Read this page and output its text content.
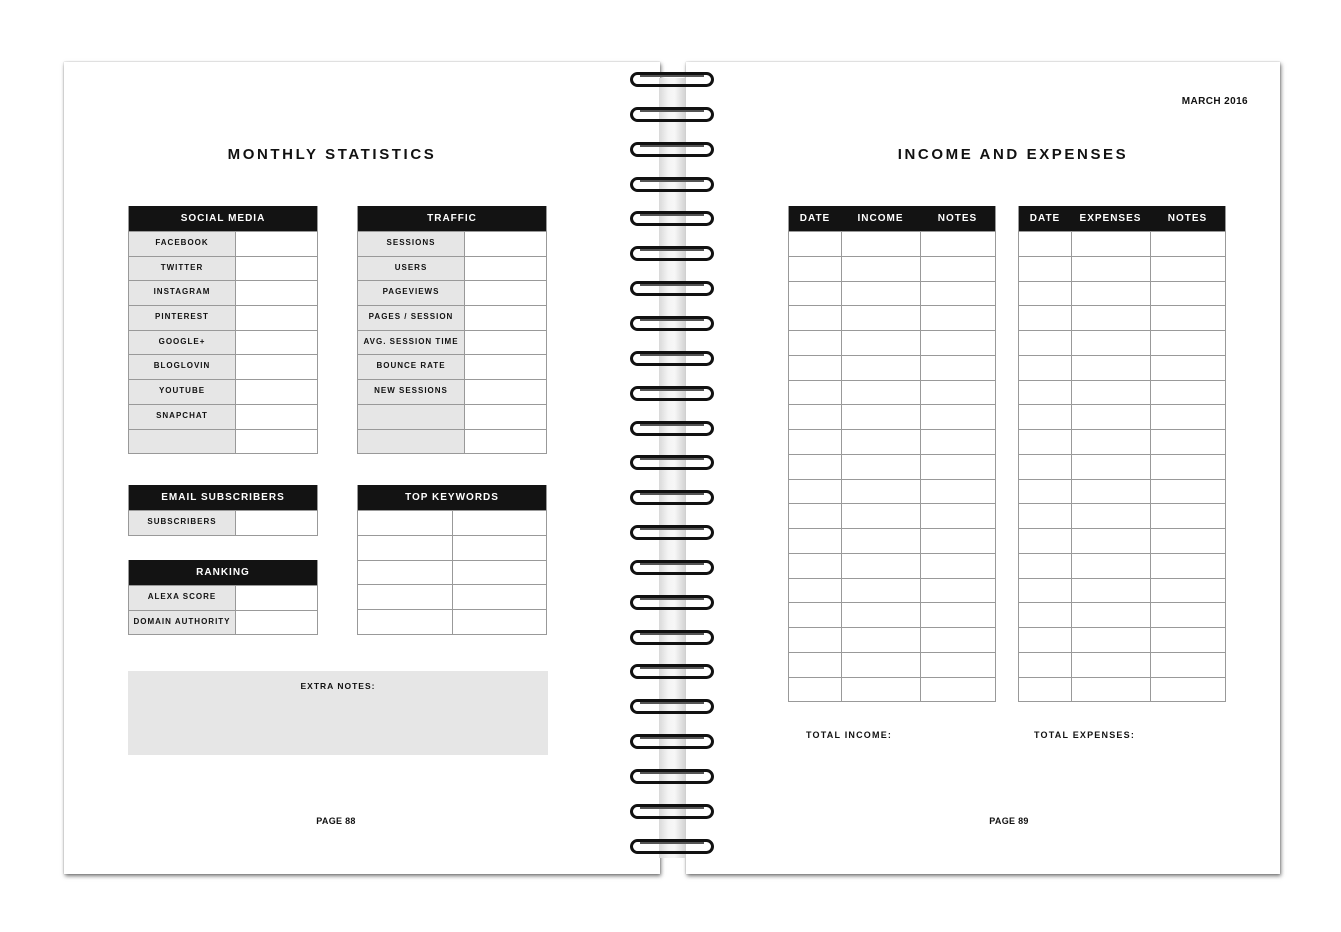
MONTHLY STATISTICS
SOCIAL MEDIA
FACEBOOK
TWITTER
INSTAGRAM
PINTEREST
GOOGLE+
BLOGLOVIN
YOUTUBE
SNAPCHAT
TRAFFIC
SESSIONS
USERS
PAGEVIEWS
PAGES / SESSION
AVG. SESSION TIME
BOUNCE RATE
NEW SESSIONS
EMAIL SUBSCRIBERS
SUBSCRIBERS
RANKING
ALEXA SCORE
DOMAIN AUTHORITY
TOP KEYWORDS
EXTRA NOTES:
PAGE 88
MARCH 2016
INCOME AND EXPENSES
DATE	INCOME	NOTES	DATE	EXPENSES	NOTES
TOTAL INCOME:	TOTAL EXPENSES:
PAGE 89
